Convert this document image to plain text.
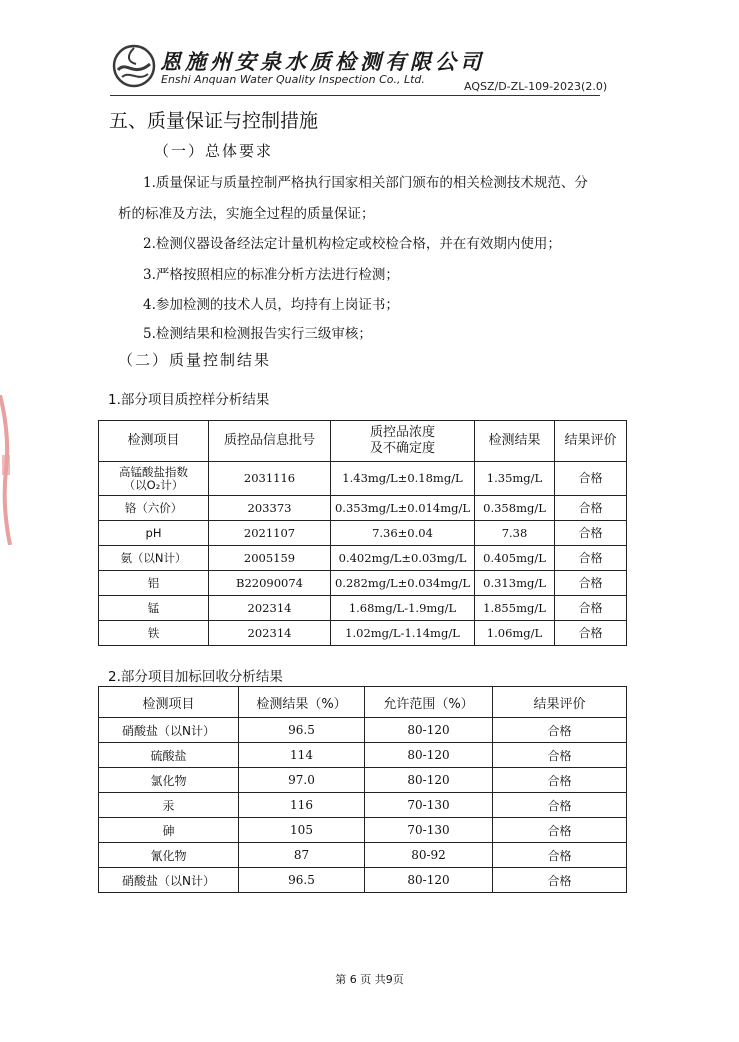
恩施州安泉水质检测有限公司
Enshi Anquan Water Quality Inspection Co., Ltd.
AQSZ/D-ZL-109-2023(2.0)
五、质量保证与控制措施
（一）总体要求
1.质量保证与质量控制严格执行国家相关部门颁布的相关检测技术规范、分
析的标准及方法，实施全过程的质量保证；
2.检测仪器设备经法定计量机构检定或校检合格，并在有效期内使用；
3.严格按照相应的标准分析方法进行检测；
4.参加检测的技术人员，均持有上岗证书；
5.检测结果和检测报告实行三级审核；
（二）质量控制结果
1.部分项目质控样分析结果
检测项目	质控品信息批号	质控品浓度
及不确定度	检测结果	结果评价
高锰酸盐指数
（以O₂计）	2031116	1.43mg/L±0.18mg/L	1.35mg/L	合格
铬（六价）	203373	0.353mg/L±0.014mg/L	0.358mg/L	合格
pH	2021107	7.36±0.04	7.38	合格
氨（以N计）	2005159	0.402mg/L±0.03mg/L	0.405mg/L	合格
铝	B22090074	0.282mg/L±0.034mg/L	0.313mg/L	合格
锰	202314	1.68mg/L-1.9mg/L	1.855mg/L	合格
铁	202314	1.02mg/L-1.14mg/L	1.06mg/L	合格
2.部分项目加标回收分析结果
检测项目	检测结果（%）	允许范围（%）	结果评价
硝酸盐（以N计）	96.5	80-120	合格
硫酸盐	114	80-120	合格
氯化物	97.0	80-120	合格
汞	116	70-130	合格
砷	105	70-130	合格
氰化物	87	80-92	合格
硝酸盐（以N计）	96.5	80-120	合格
第 6 页 共9页
